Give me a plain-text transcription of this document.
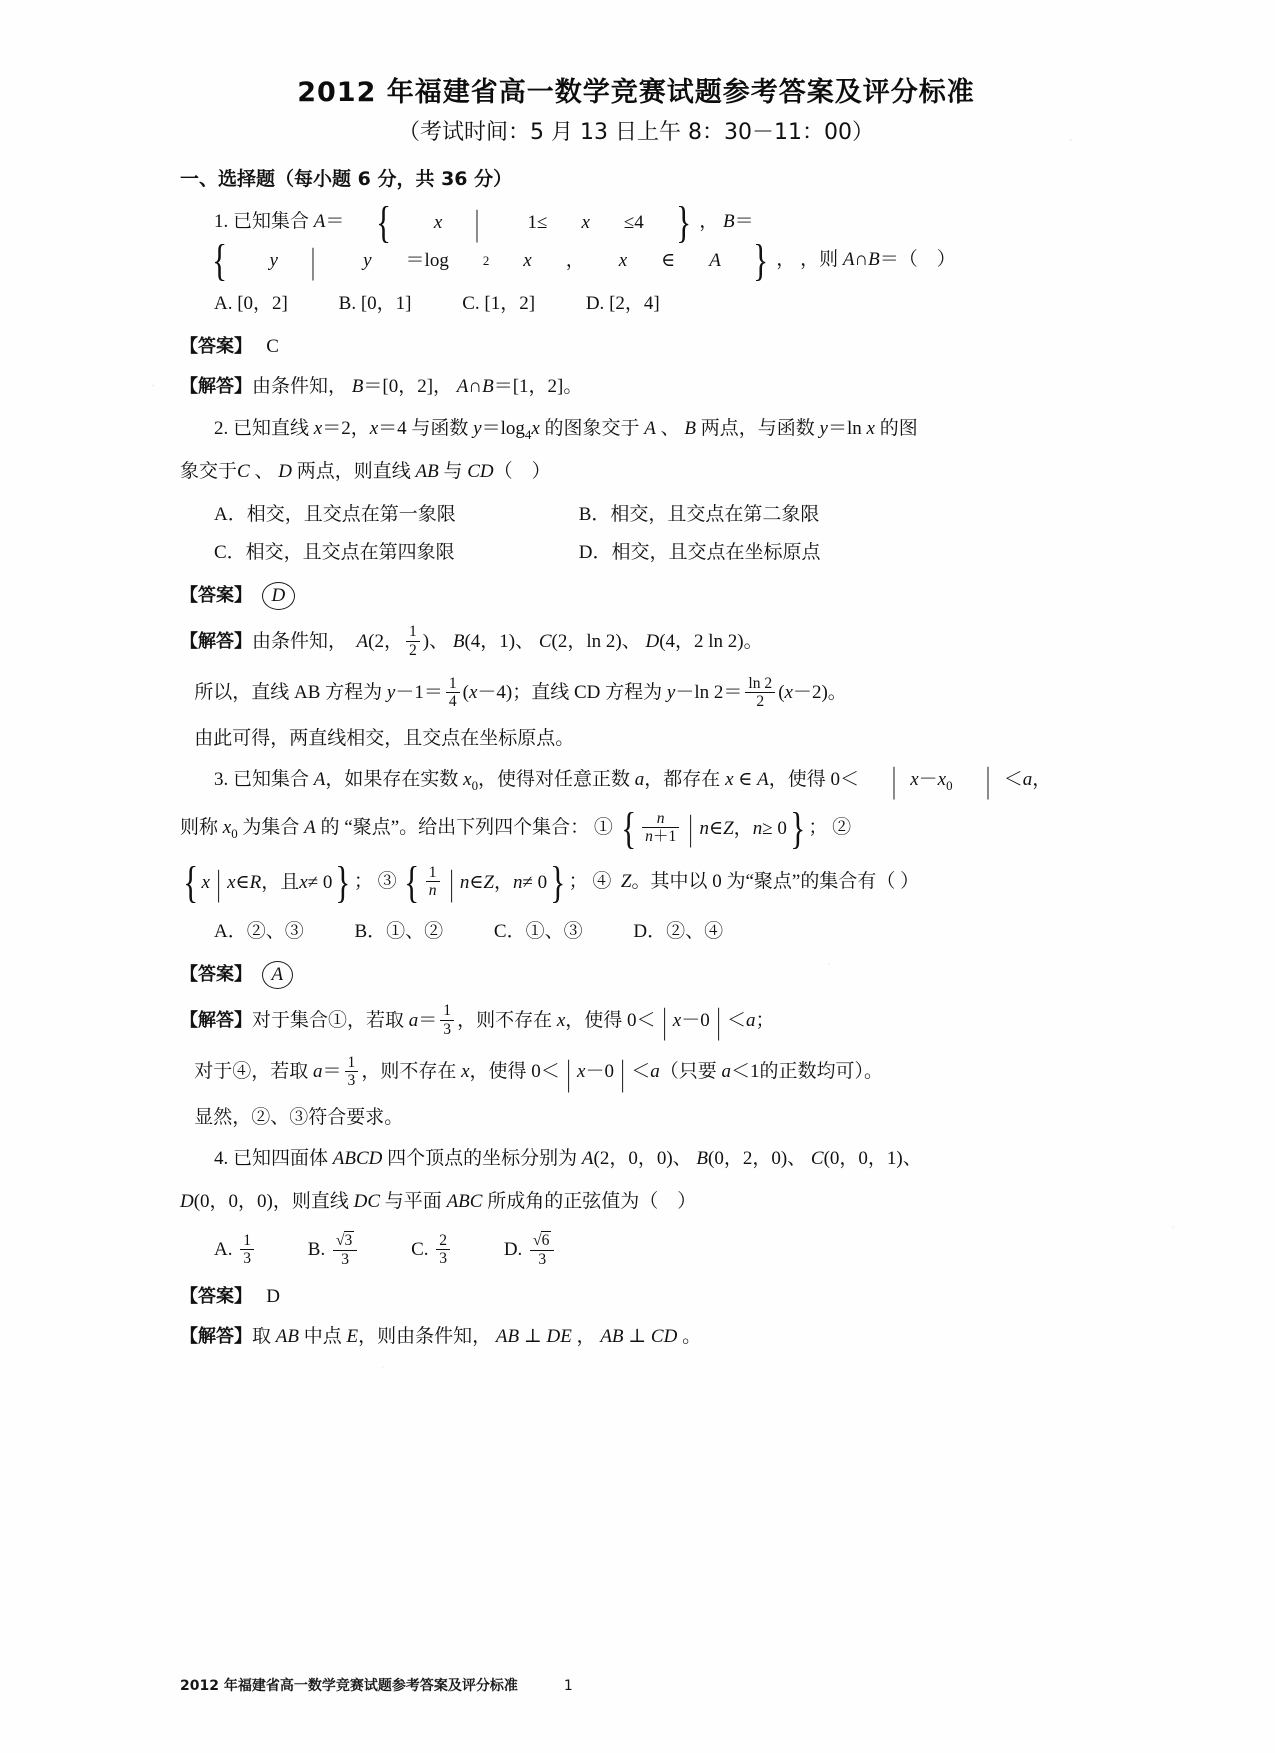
2012 年福建省高一数学竞赛试题参考答案及评分标准
（考试时间：5 月 13 日上午 8：30－11：00）
一、选择题（每小题 6 分，共 36 分）
1. 已知集合 A＝ {	x |	1≤	x ≤4 } ， B＝
{	y |	y ＝log	2	x ，	x ∈	A } ， ，则 A∩B＝（    ）
A. [0，2]	B. [0，1]	C. [1，2]	D. [2，4]
【答案】 C
【解答】由条件知， B＝[0，2]， A∩B＝[1，2]。
2. 已知直线 x＝2，x＝4 与函数 $y=\log_4x$ 的图象交于 A 、 B 两点，与函数 y＝ln x 的图
象交于C 、 D 两点，则直线 AB 与 CD（    ）
A．相交，且交点在第一象限	B．相交，且交点在第二象限
C．相交，且交点在第四象限	D．相交，且交点在坐标原点
【答案】 D
【解答】由条件知， A(2， $\frac{1}{2}$ )、 B(4，1)、 C(2，ln 2)、 D(4，2 ln 2)。
所以，直线 AB 方程为 $y-1= \frac{1}{4} (x-4)$；直线 CD 方程为 y－ln $2= \frac{\ln 2}{2} (x-2)$。
由此可得，两直线相交，且交点在坐标原点。
3. 已知集合 A，如果存在实数 $x_0$，使得对任意正数 a，都存在 x ∈ A，使得 0＜ | $x-x_0$ | ＜a，
则称 $x_0$ 为集合 A 的 “聚点”。给出下列四个集合： ① { $\frac{n}{n+1}$ | n ∈ Z ， n ≥ 0 } ； ②
{ x | x ∈ R ，且 x ≠ 0 } ； ③ { $\frac{1}{n}$ | n ∈ Z ， n ≠ 0 } ； ④ Z。其中以 0 为“聚点”的集合有（ ）
A．②、③	B．①、②	C．①、③	D．②、④
【答案】 A
【解答】对于集合①，若取 $a= \frac{1}{3}$ ，则不存在 x，使得 0＜ | x－0 | ＜a；
对于④，若取 $a= \frac{1}{3}$ ，则不存在 x，使得 0＜ | x－0 | ＜a（只要 a＜1的正数均可）。
显然，②、③符合要求。
4. 已知四面体 ABCD 四个顶点的坐标分别为 A(2，0，0)、 B(0，2，0)、 C(0，0，1)、
D(0，0，0)，则直线 DC 与平面 ABC 所成角的正弦值为（    ）
A. $\frac{1}{3}$	B. $\frac{√3}{3}$	C. $\frac{2}{3}$	D. $\frac{√6}{3}$
【答案】 D
【解答】取 AB 中点 E，则由条件知， AB ⊥ DE ， AB ⊥ CD 。
2012 年福建省高一数学竞赛试题参考答案及评分标准	1
